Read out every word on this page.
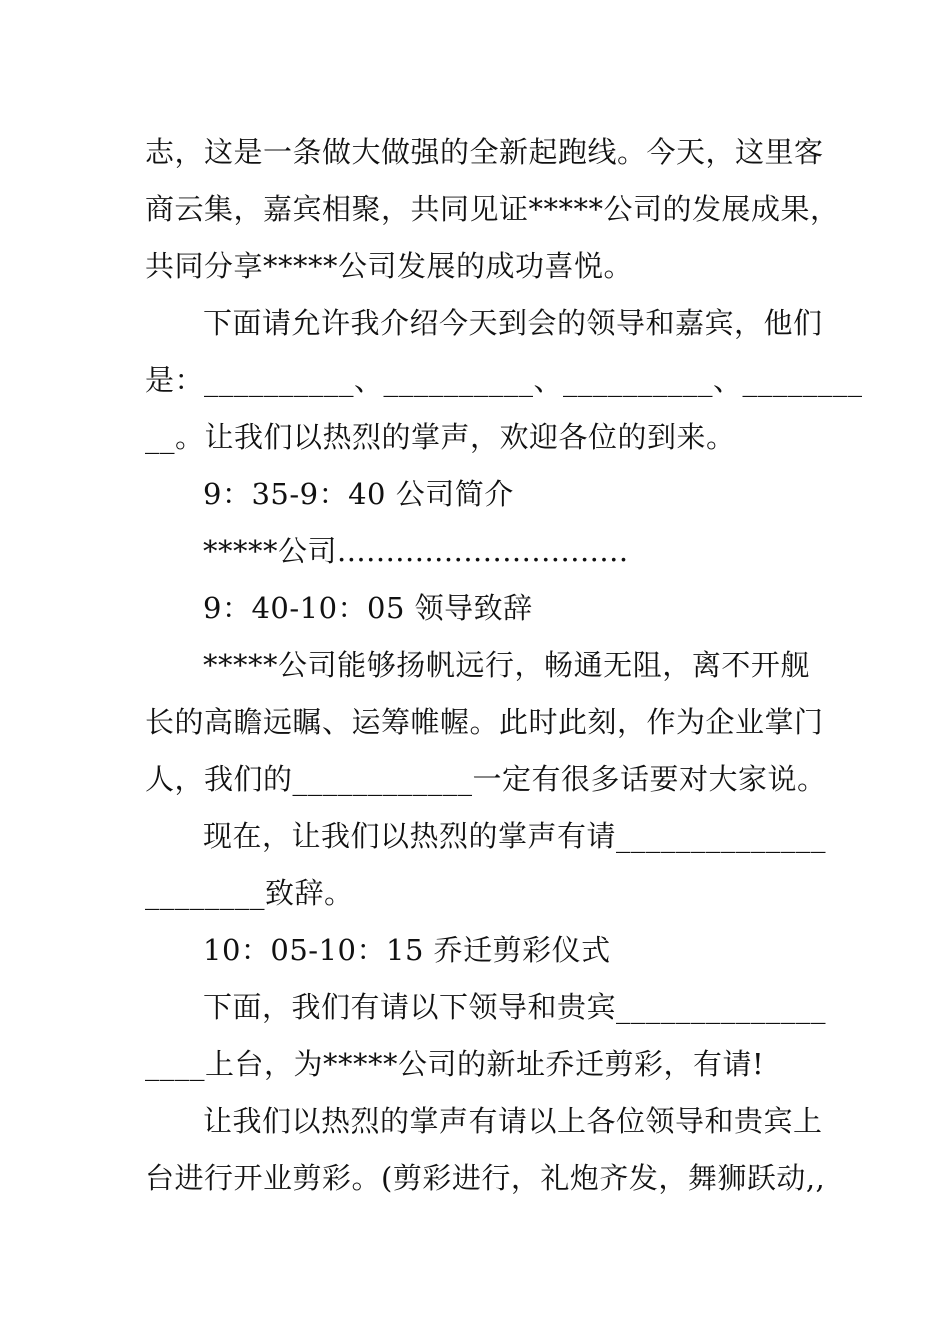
志，这是一条做大做强的全新起跑线。今天，这里客
商云集，嘉宾相聚，共同见证*****公司的发展成果，
共同分享*****公司发展的成功喜悦。
下面请允许我介绍今天到会的领导和嘉宾，他们
是：__________、__________、__________、________
__。让我们以热烈的掌声，欢迎各位的到来。
9：35-9：40 公司简介
*****公司..............................
9：40-10：05 领导致辞
*****公司能够扬帆远行，畅通无阻，离不开舰
长的高瞻远瞩、运筹帷幄。此时此刻，作为企业掌门
人，我们的____________一定有很多话要对大家说。
现在，让我们以热烈的掌声有请______________
________致辞。
10：05-10：15 乔迁剪彩仪式
下面，我们有请以下领导和贵宾______________
____上台，为*****公司的新址乔迁剪彩，有请!
让我们以热烈的掌声有请以上各位领导和贵宾上
台进行开业剪彩。(剪彩进行，礼炮齐发，舞狮跃动,,
